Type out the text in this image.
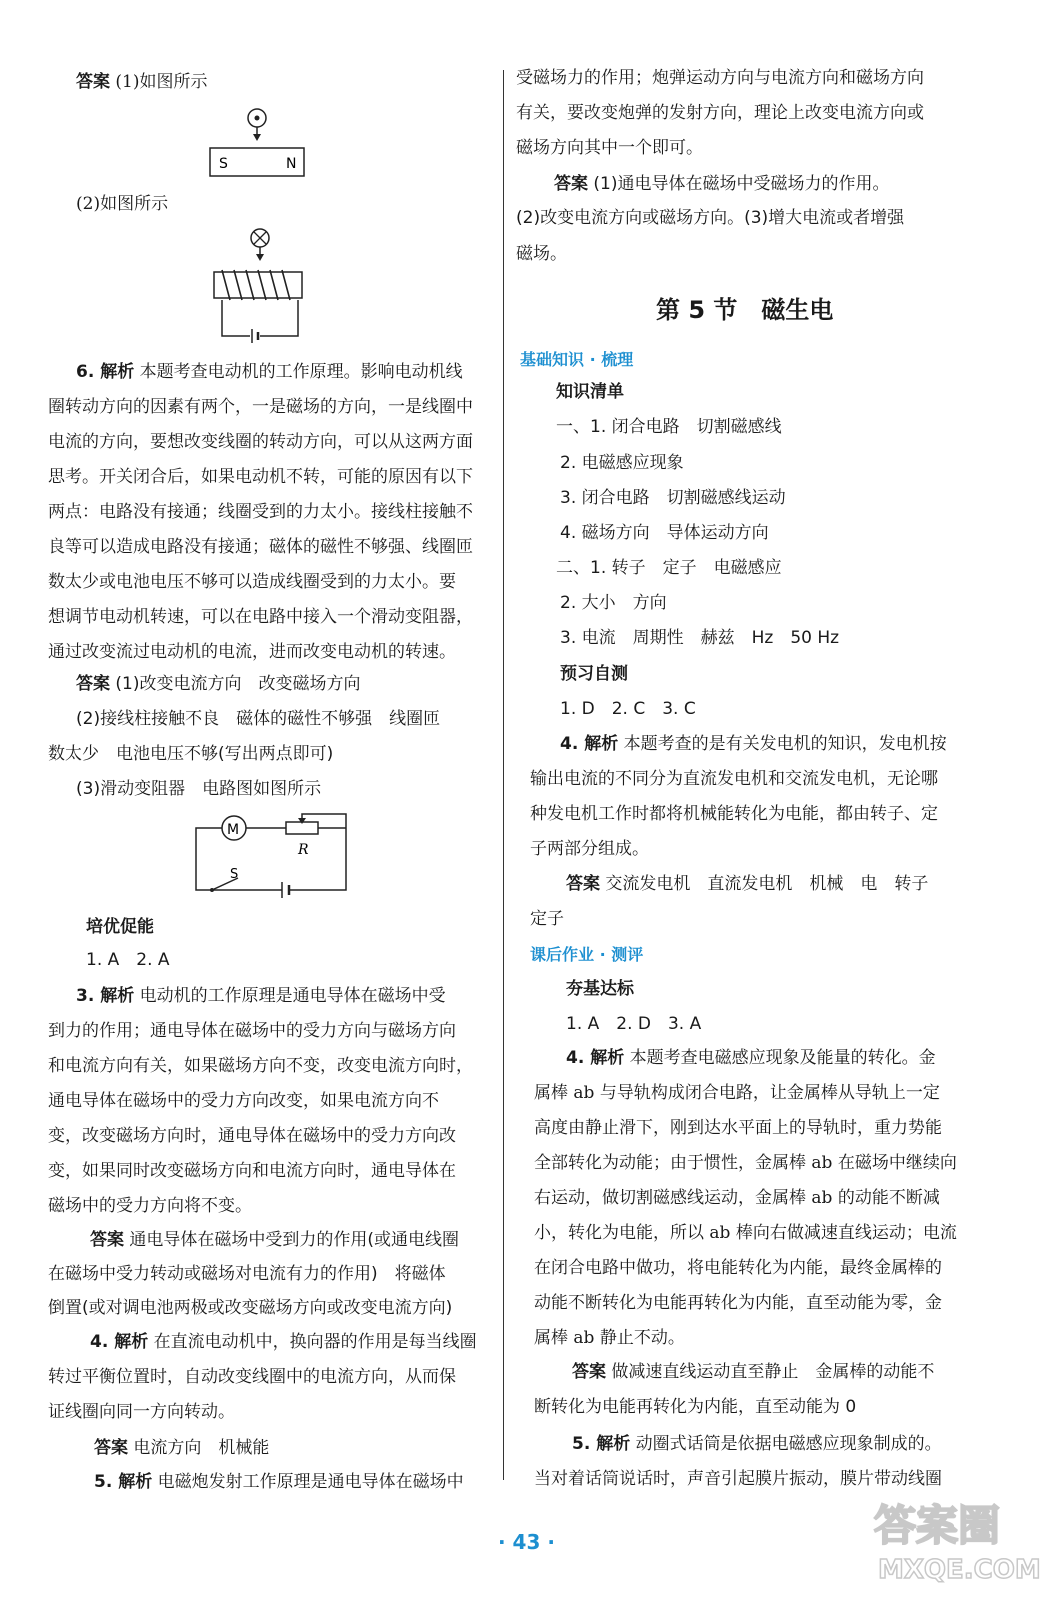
答案 (1)如图所示
S	N
(2)如图所示
6. 解析 本题考查电动机的工作原理。影响电动机线
圈转动方向的因素有两个，一是磁场的方向，一是线圈中
电流的方向，要想改变线圈的转动方向，可以从这两方面
思考。开关闭合后，如果电动机不转，可能的原因有以下
两点：电路没有接通；线圈受到的力太小。接线柱接触不
良等可以造成电路没有接通；磁体的磁性不够强、线圈匝
数太少或电池电压不够可以造成线圈受到的力太小。要
想调节电动机转速，可以在电路中接入一个滑动变阻器，
通过改变流过电动机的电流，进而改变电动机的转速。
答案 (1)改变电流方向　改变磁场方向
(2)接线柱接触不良　磁体的磁性不够强　线圈匝
数太少　电池电压不够(写出两点即可)
(3)滑动变阻器　电路图如图所示
M
R
S
培优促能
1. A　2. A
3. 解析 电动机的工作原理是通电导体在磁场中受
到力的作用；通电导体在磁场中的受力方向与磁场方向
和电流方向有关，如果磁场方向不变，改变电流方向时，
通电导体在磁场中的受力方向改变，如果电流方向不
变，改变磁场方向时，通电导体在磁场中的受力方向改
变，如果同时改变磁场方向和电流方向时，通电导体在
磁场中的受力方向将不变。
答案 通电导体在磁场中受到力的作用(或通电线圈
在磁场中受力转动或磁场对电流有力的作用)　将磁体
倒置(或对调电池两极或改变磁场方向或改变电流方向)
4. 解析 在直流电动机中，换向器的作用是每当线圈
转过平衡位置时，自动改变线圈中的电流方向，从而保
证线圈向同一方向转动。
答案 电流方向　机械能
5. 解析 电磁炮发射工作原理是通电导体在磁场中
受磁场力的作用；炮弹运动方向与电流方向和磁场方向
有关，要改变炮弹的发射方向，理论上改变电流方向或
磁场方向其中一个即可。
答案 (1)通电导体在磁场中受磁场力的作用。
(2)改变电流方向或磁场方向。(3)增大电流或者增强
磁场。
第 5 节　磁生电
基础知识 · 梳理
知识清单
一、1. 闭合电路　切割磁感线
2. 电磁感应现象
3. 闭合电路　切割磁感线运动
4. 磁场方向　导体运动方向
二、1. 转子　定子　电磁感应
2. 大小　方向
3. 电流　周期性　赫兹　Hz　50 Hz
预习自测
1. D　2. C　3. C
4. 解析 本题考查的是有关发电机的知识，发电机按
输出电流的不同分为直流发电机和交流发电机，无论哪
种发电机工作时都将机械能转化为电能，都由转子、定
子两部分组成。
答案 交流发电机　直流发电机　机械　电　转子
定子
课后作业 · 测评
夯基达标
1. A　2. D　3. A
4. 解析 本题考查电磁感应现象及能量的转化。金
属棒 ab 与导轨构成闭合电路，让金属棒从导轨上一定
高度由静止滑下，刚到达水平面上的导轨时，重力势能
全部转化为动能；由于惯性，金属棒 ab 在磁场中继续向
右运动，做切割磁感线运动，金属棒 ab 的动能不断减
小，转化为电能，所以 ab 棒向右做减速直线运动；电流
在闭合电路中做功，将电能转化为内能，最终金属棒的
动能不断转化为电能再转化为内能，直至动能为零，金
属棒 ab 静止不动。
答案 做减速直线运动直至静止　金属棒的动能不
断转化为电能再转化为内能，直至动能为 0
5. 解析 动圈式话筒是依据电磁感应现象制成的。
当对着话筒说话时，声音引起膜片振动，膜片带动线圈
· 43 ·	答案圈
MXQE.COM
